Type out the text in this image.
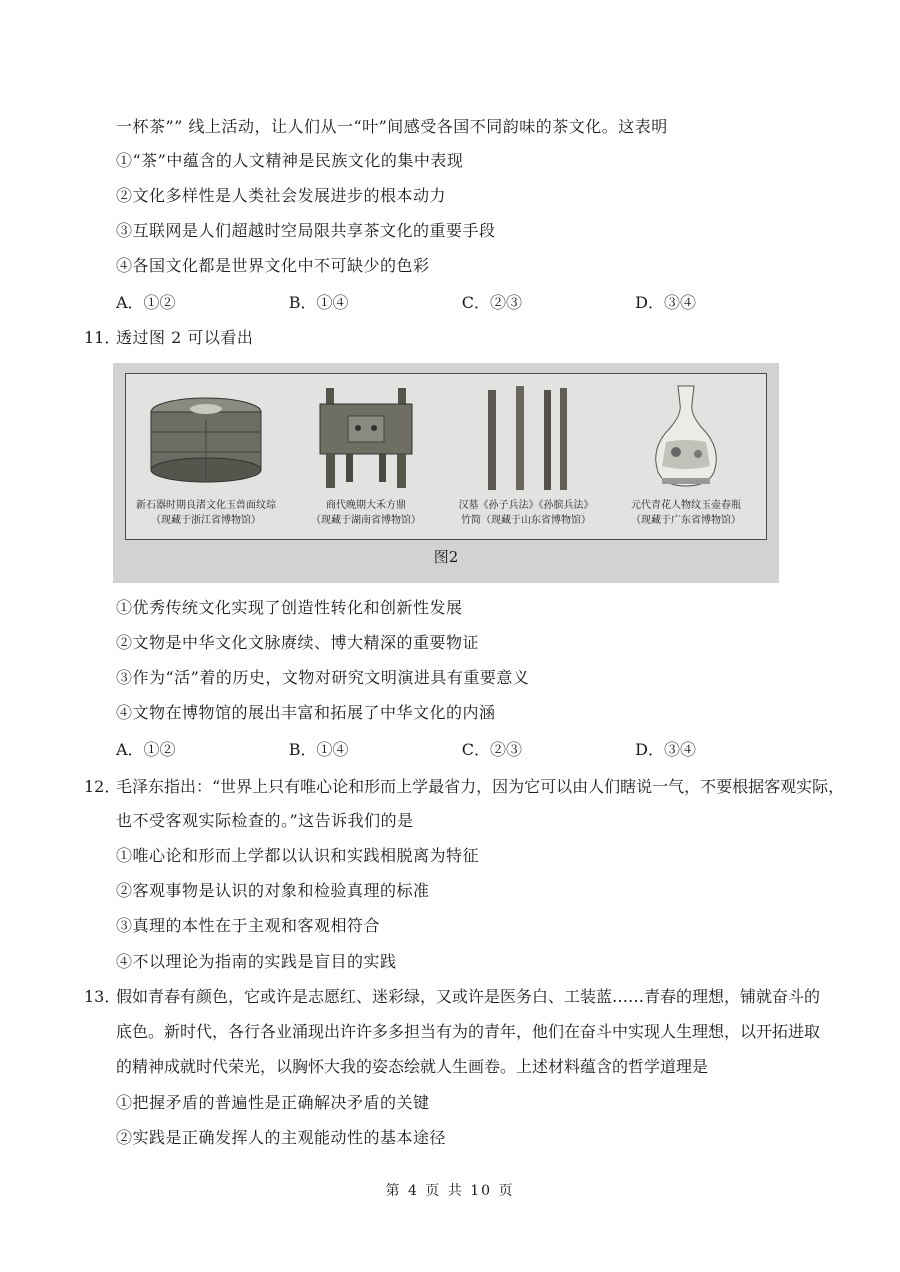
一杯茶”” 线上活动，让人们从一“叶”间感受各国不同韵味的茶文化。这表明
①“茶”中蕴含的人文精神是民族文化的集中表现
②文化多样性是人类社会发展进步的根本动力
③互联网是人们超越时空局限共享茶文化的重要手段
④各国文化都是世界文化中不可缺少的色彩
A．①②	B．①④	C．②③	D．③④
11．
透过图 2 可以看出
新石器时期良渚文化玉兽面纹琮
（现藏于浙江省博物馆）
商代晚期大禾方鼎
（现藏于湖南省博物馆）
汉墓《孙子兵法》《孙膑兵法》
竹简（现藏于山东省博物馆）
元代青花人物纹玉壶春瓶
（现藏于广东省博物馆）
图2
①优秀传统文化实现了创造性转化和创新性发展
②文物是中华文化文脉赓续、博大精深的重要物证
③作为“活”着的历史，文物对研究文明演进具有重要意义
④文物在博物馆的展出丰富和拓展了中华文化的内涵
A．①②	B．①④	C．②③	D．③④
12．
毛泽东指出：“世界上只有唯心论和形而上学最省力，因为它可以由人们瞎说一气，不要根据客观实际，
也不受客观实际检查的。”这告诉我们的是
①唯心论和形而上学都以认识和实践相脱离为特征
②客观事物是认识的对象和检验真理的标准
③真理的本性在于主观和客观相符合
④不以理论为指南的实践是盲目的实践
13．
假如青春有颜色，它或许是志愿红、迷彩绿，又或许是医务白、工装蓝……青春的理想，铺就奋斗的
底色。新时代，各行各业涌现出许许多多担当有为的青年，他们在奋斗中实现人生理想，以开拓进取
的精神成就时代荣光，以胸怀大我的姿态绘就人生画卷。上述材料蕴含的哲学道理是
①把握矛盾的普遍性是正确解决矛盾的关键
②实践是正确发挥人的主观能动性的基本途径
第 4 页 共 10 页
